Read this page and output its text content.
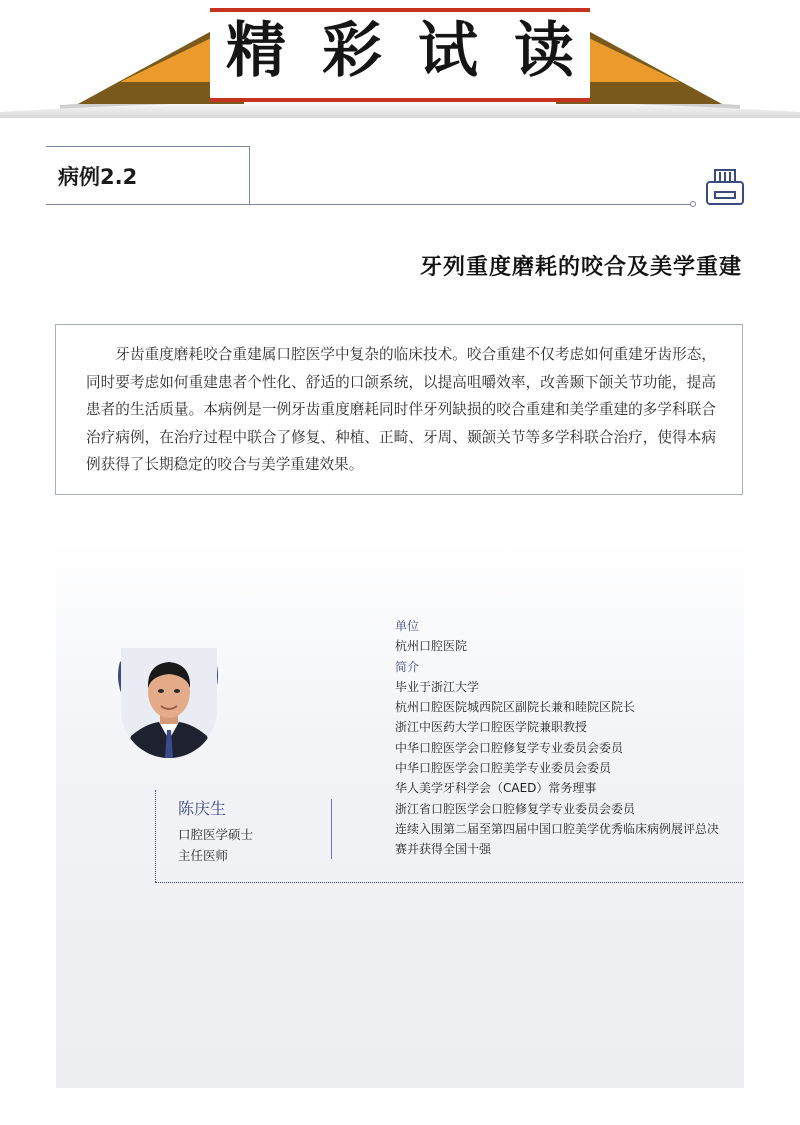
精 彩 试 读
病例2.2
牙列重度磨耗的咬合及美学重建

牙齿重度磨耗咬合重建属口腔医学中复杂的临床技术。咬合重建不仅考虑如何重建牙齿形态，同时要考虑如何重建患者个性化、舒适的口颌系统，以提高咀嚼效率，改善颞下颌关节功能，提高患者的生活质量。本病例是一例牙齿重度磨耗同时伴牙列缺损的咬合重建和美学重建的多学科联合治疗病例，在治疗过程中联合了修复、种植、正畸、牙周、颞颌关节等多学科联合治疗，使得本病例获得了长期稳定的咬合与美学重建效果。

陈庆生
口腔医学硕士
主任医师
单位
杭州口腔医院
简介
毕业于浙江大学
杭州口腔医院城西院区副院长兼和睦院区院长
浙江中医药大学口腔医学院兼职教授
中华口腔医学会口腔修复学专业委员会委员
中华口腔医学会口腔美学专业委员会委员
华人美学牙科学会（CAED）常务理事
浙江省口腔医学会口腔修复学专业委员会委员
连续入围第二届至第四届中国口腔美学优秀临床病例展评总决赛并获得全国十强
